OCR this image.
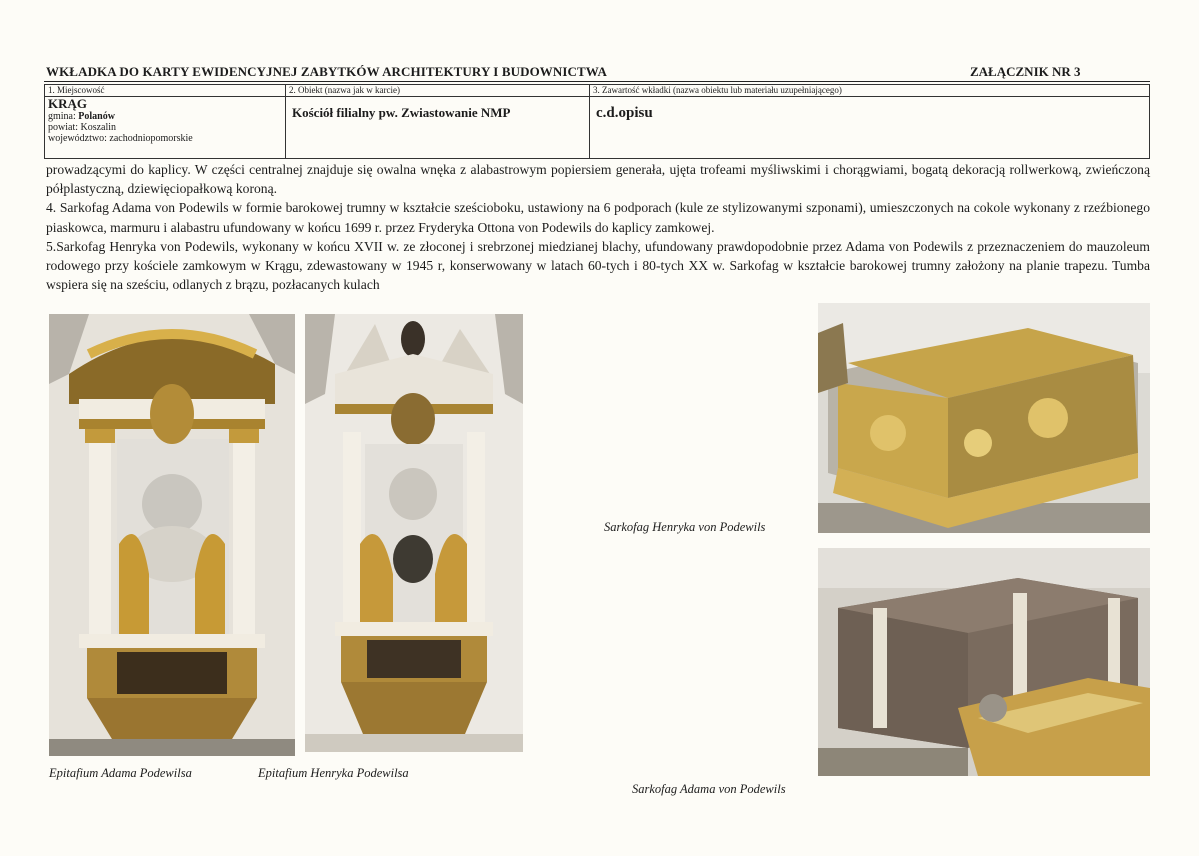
WKŁADKA DO KARTY EWIDENCYJNEJ ZABYTKÓW ARCHITEKTURY I BUDOWNICTWA	ZAŁĄCZNIK NR 3
1. Miejscowość	2. Obiekt (nazwa jak w karcie)	3. Zawartość wkładki (nazwa obiektu lub materiału uzupełniającego)

KRĄG
gmina: Polanów
powiat: Koszalin
województwo: zachodniopomorskie	Kościół filialny pw. Zwiastowanie NMP	c.d.opisu

prowadzącymi do kaplicy. W części centralnej znajduje się owalna wnęka z alabastrowym popiersiem generała, ujęta trofeami myśliwskimi i chorągwiami, bogatą dekoracją rollwerkową, zwieńczoną półplastyczną, dziewięciopałkową koroną.

4. Sarkofag Adama von Podewils w formie barokowej trumny w kształcie sześcioboku, ustawiony na 6 podporach (kule ze stylizowanymi szponami), umieszczonych na cokole wykonany z rzeźbionego piaskowca, marmuru i alabastru ufundowany w końcu 1699 r. przez Fryderyka Ottona von Podewils do kaplicy zamkowej.

5.Sarkofag Henryka von Podewils, wykonany w końcu XVII w. ze złoconej i srebrzonej miedzianej blachy, ufundowany prawdopodobnie przez Adama von Podewils z przeznaczeniem do mauzoleum rodowego przy kościele zamkowym w Krągu, zdewastowany w 1945 r, konserwowany w latach 60-tych i 80-tych XX w. Sarkofag w kształcie barokowej trumny założony na planie trapezu. Tumba wspiera się na sześciu, odlanych z brązu, pozłacanych kulach

Sarkofag Henryka von Podewils
Sarkofag Adama von Podewils
Epitafium Adama Podewilsa	Epitafium Henryka Podewilsa
